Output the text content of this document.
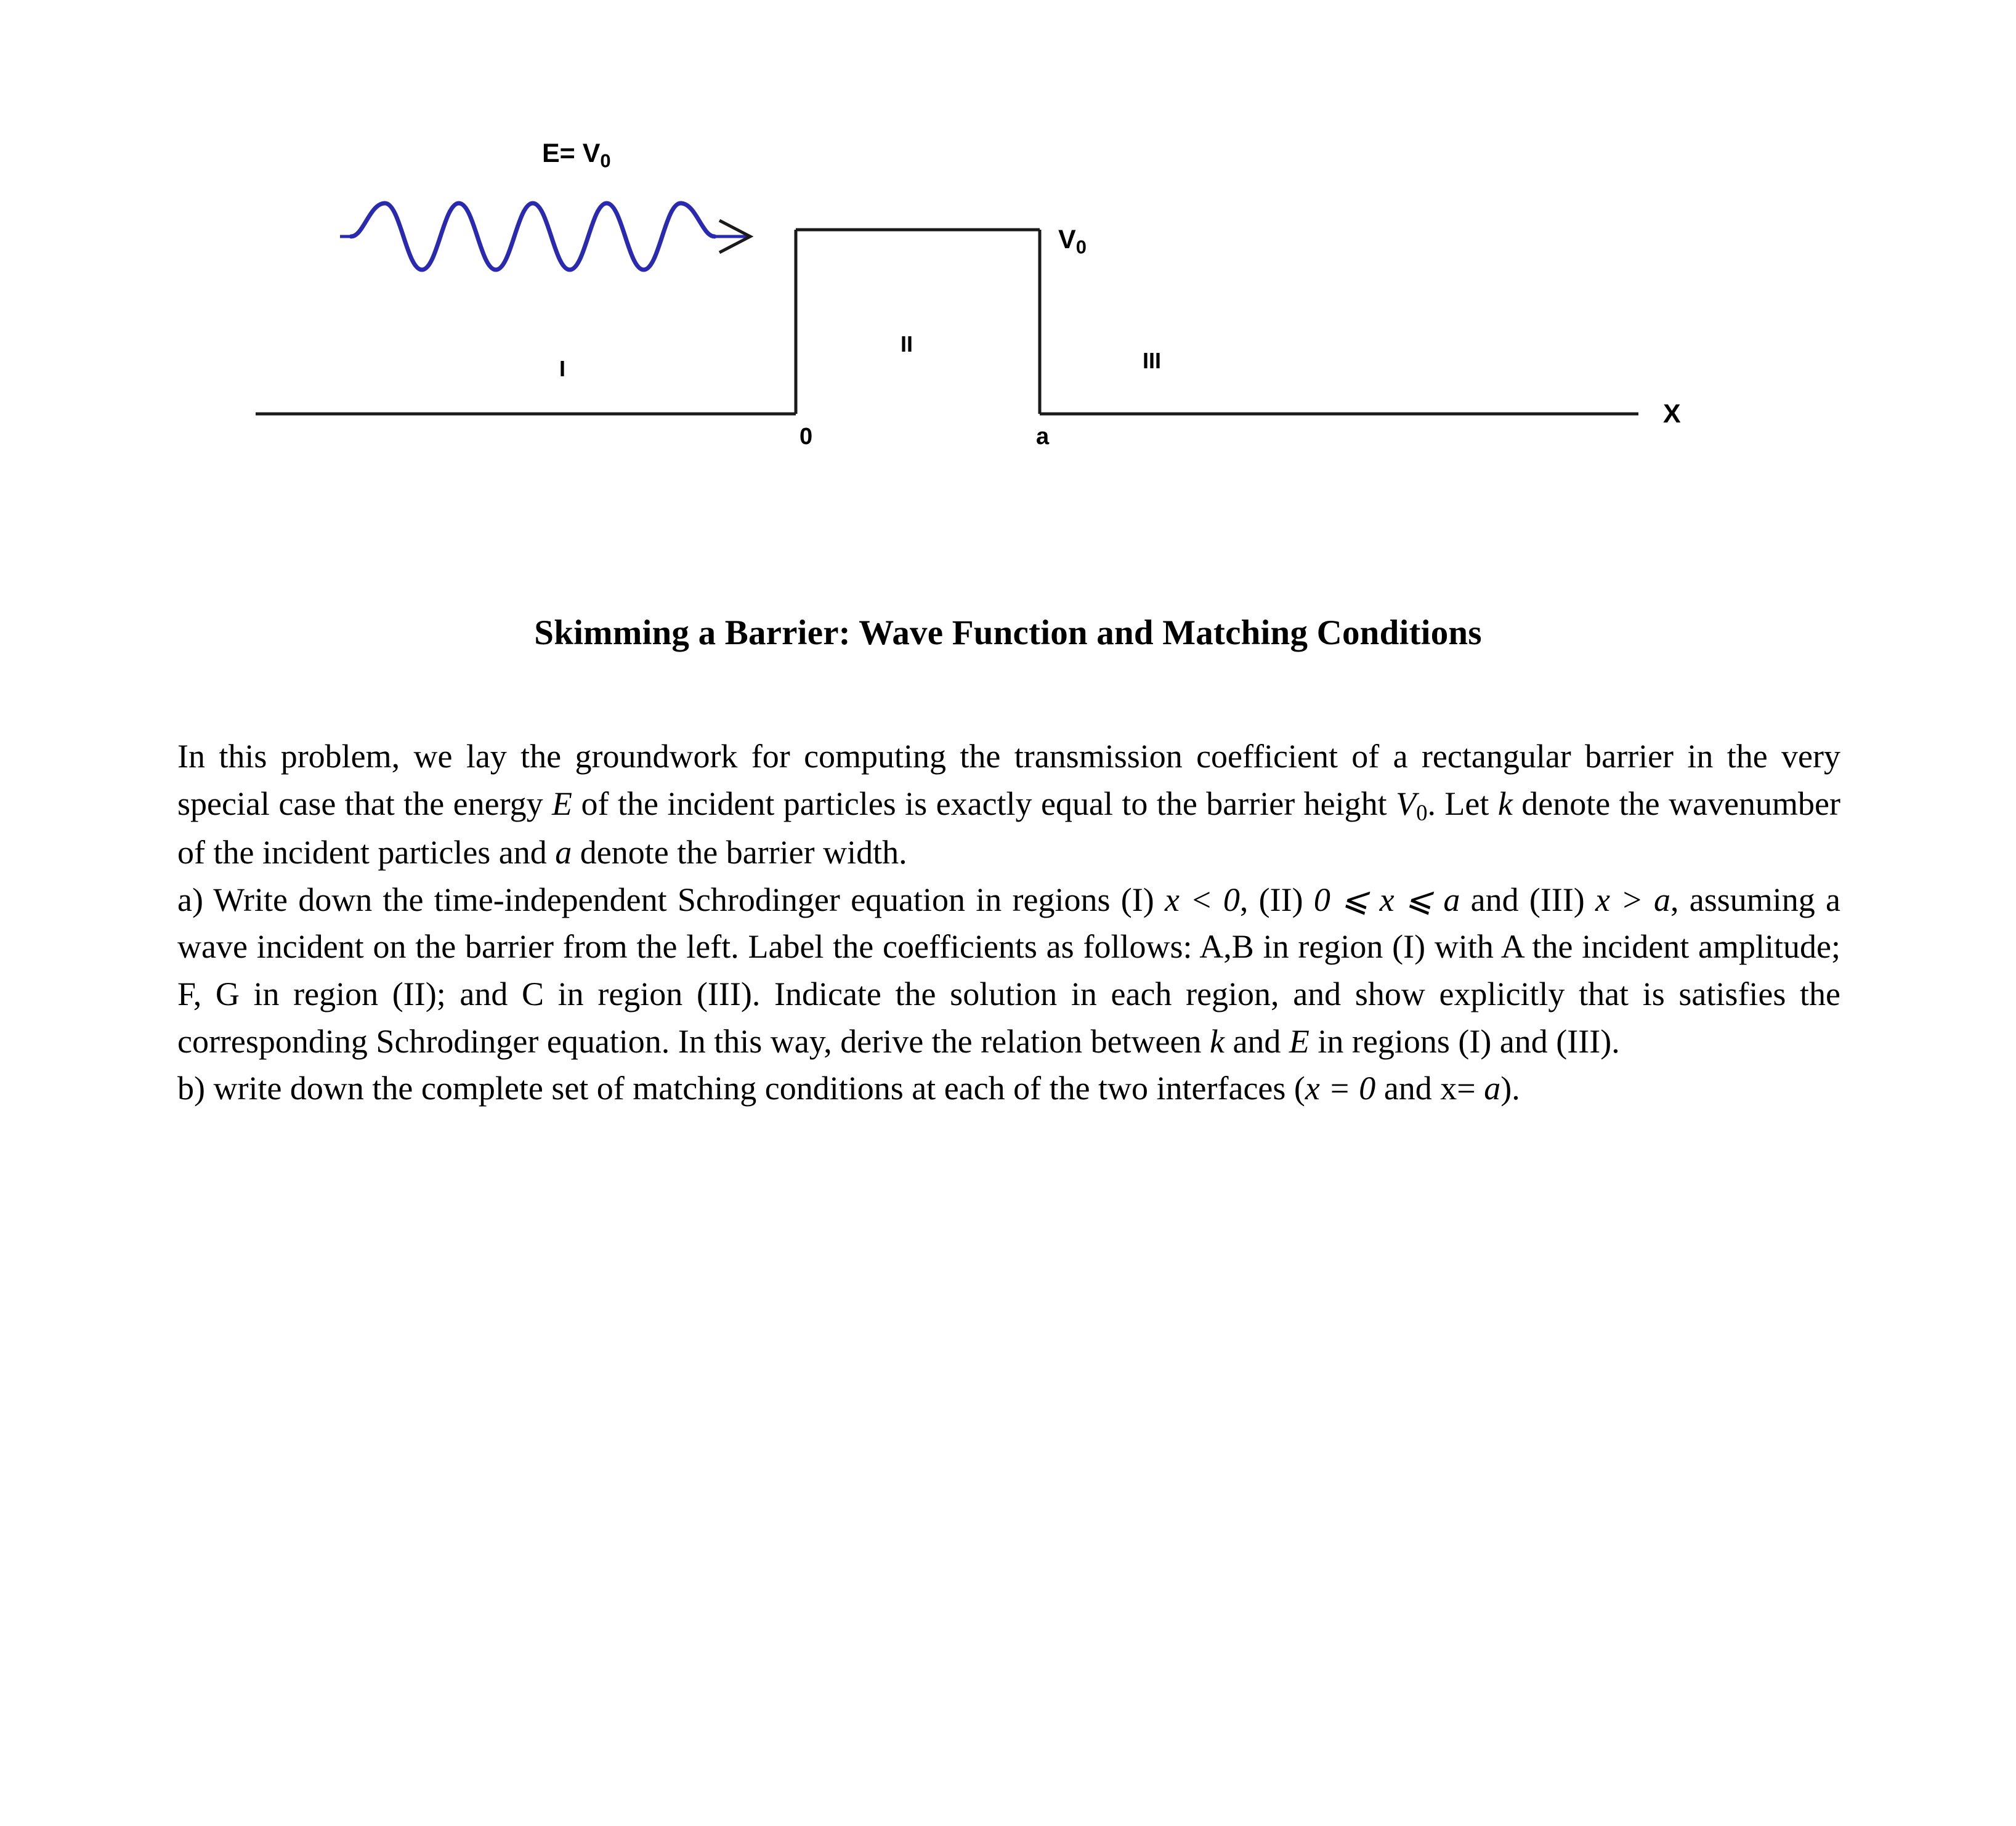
$E= V_0$
$V_0$
I
II
III
0	a
X
Skimming a Barrier: Wave Function and Matching Conditions

In this problem, we lay the groundwork for computing the transmission coefficient of a rectangular barrier in the very special case that the energy E of the incident particles is exactly equal to the barrier height $V_0$. Let k denote the wavenumber of the incident particles and a denote the barrier width.

a) Write down the time-independent Schrodinger equation in regions (I) x < 0, (II) 0 ⩽ x ⩽ a and (III) x > a, assuming a wave incident on the barrier from the left. Label the coefficients as follows: A,B in region (I) with A the incident amplitude; F, G in region (II); and C in region (III). Indicate the solution in each region, and show explicitly that is satisfies the corresponding Schrodinger equation. In this way, derive the relation between k and E in regions (I) and (III).

b) write down the complete set of matching conditions at each of the two interfaces (x = 0 and x= a).
